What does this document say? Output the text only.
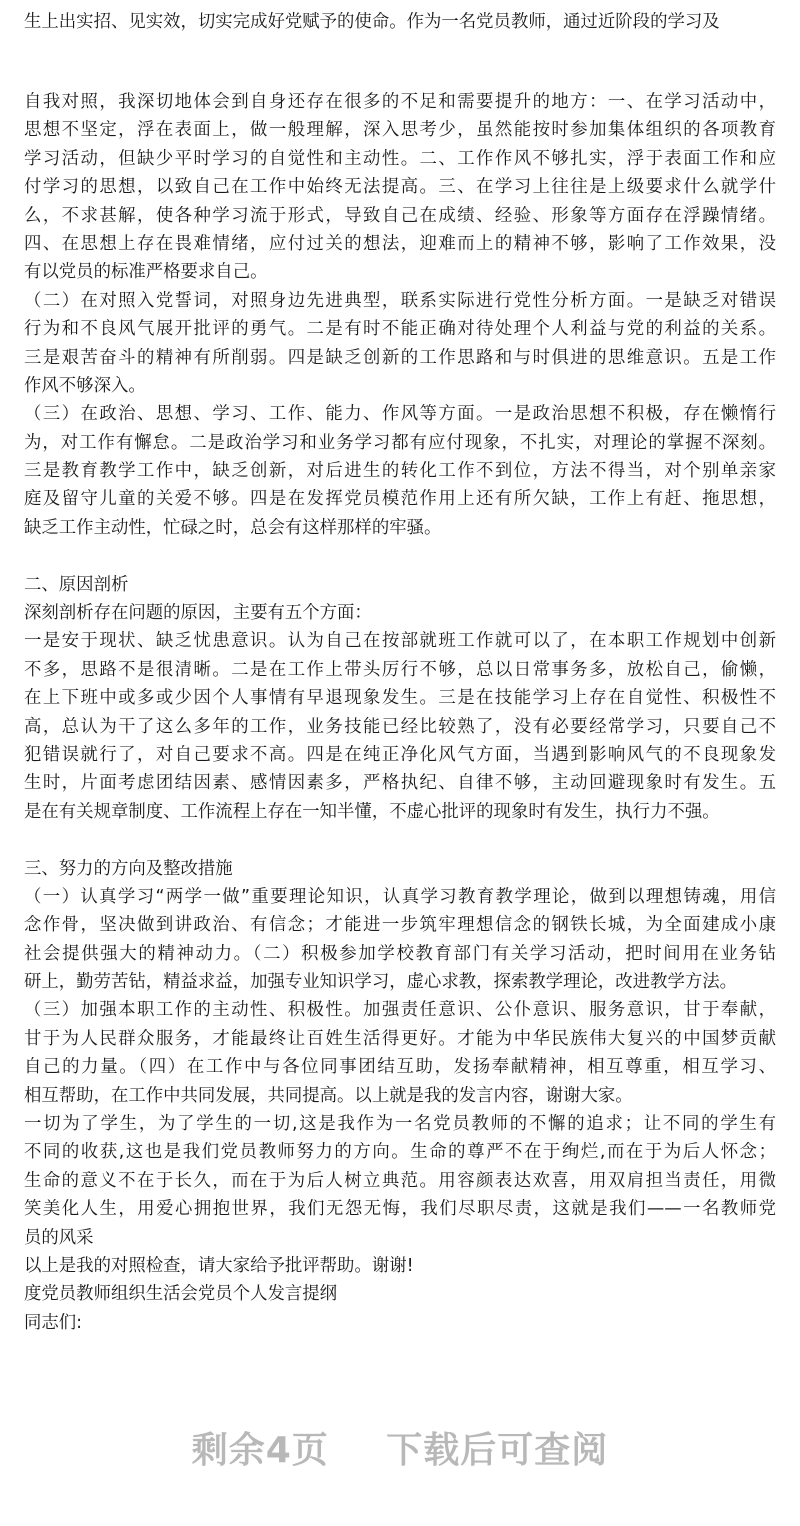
生上出实招、见实效，切实完成好党赋予的使命。作为一名党员教师，通过近阶段的学习及
自我对照，我深切地体会到自身还存在很多的不足和需要提升的地方：一、在学习活动中，
思想不坚定，浮在表面上，做一般理解，深入思考少，虽然能按时参加集体组织的各项教育
学习活动，但缺少平时学习的自觉性和主动性。二、工作作风不够扎实，浮于表面工作和应
付学习的思想，以致自己在工作中始终无法提高。三、在学习上往往是上级要求什么就学什
么，不求甚解，使各种学习流于形式，导致自己在成绩、经验、形象等方面存在浮躁情绪。
四、在思想上存在畏难情绪，应付过关的想法，迎难而上的精神不够，影响了工作效果，没
有以党员的标准严格要求自己。
（二）在对照入党誓词，对照身边先进典型，联系实际进行党性分析方面。一是缺乏对错误
行为和不良风气展开批评的勇气。二是有时不能正确对待处理个人利益与党的利益的关系。
三是艰苦奋斗的精神有所削弱。四是缺乏创新的工作思路和与时俱进的思维意识。五是工作
作风不够深入。
（三）在政治、思想、学习、工作、能力、作风等方面。一是政治思想不积极，存在懒惰行
为，对工作有懈怠。二是政治学习和业务学习都有应付现象，不扎实，对理论的掌握不深刻。
三是教育教学工作中，缺乏创新，对后进生的转化工作不到位，方法不得当，对个别单亲家
庭及留守儿童的关爱不够。四是在发挥党员模范作用上还有所欠缺，工作上有赶、拖思想，
缺乏工作主动性，忙碌之时，总会有这样那样的牢骚。
二、原因剖析
深刻剖析存在问题的原因，主要有五个方面：
一是安于现状、缺乏忧患意识。认为自己在按部就班工作就可以了，在本职工作规划中创新
不多，思路不是很清晰。二是在工作上带头厉行不够，总以日常事务多，放松自己，偷懒，
在上下班中或多或少因个人事情有早退现象发生。三是在技能学习上存在自觉性、积极性不
高，总认为干了这么多年的工作，业务技能已经比较熟了，没有必要经常学习，只要自己不
犯错误就行了，对自己要求不高。四是在纯正净化风气方面，当遇到影响风气的不良现象发
生时，片面考虑团结因素、感情因素多，严格执纪、自律不够，主动回避现象时有发生。五
是在有关规章制度、工作流程上存在一知半懂，不虚心批评的现象时有发生，执行力不强。
三、努力的方向及整改措施
（一）认真学习“两学一做”重要理论知识，认真学习教育教学理论，做到以理想铸魂，用信
念作骨，坚决做到讲政治、有信念；才能进一步筑牢理想信念的钢铁长城，为全面建成小康
社会提供强大的精神动力。（二）积极参加学校教育部门有关学习活动，把时间用在业务钻
研上，勤劳苦钻，精益求益，加强专业知识学习，虚心求教，探索教学理论，改进教学方法。
（三）加强本职工作的主动性、积极性。加强责任意识、公仆意识、服务意识，甘于奉献，
甘于为人民群众服务，才能最终让百姓生活得更好。才能为中华民族伟大复兴的中国梦贡献
自己的力量。（四）在工作中与各位同事团结互助，发扬奉献精神，相互尊重，相互学习、
相互帮助，在工作中共同发展，共同提高。以上就是我的发言内容，谢谢大家。
一切为了学生，为了学生的一切,这是我作为一名党员教师的不懈的追求；让不同的学生有
不同的收获,这也是我们党员教师努力的方向。生命的尊严不在于绚烂,而在于为后人怀念；
生命的意义不在于长久，而在于为后人树立典范。用容颜表达欢喜，用双肩担当责任，用微
笑美化人生，用爱心拥抱世界，我们无怨无悔，我们尽职尽责，这就是我们——一名教师党
员的风采
以上是我的对照检查，请大家给予批评帮助。谢谢!
度党员教师组织生活会党员个人发言提纲
同志们:
剩余4页 下载后可查阅
